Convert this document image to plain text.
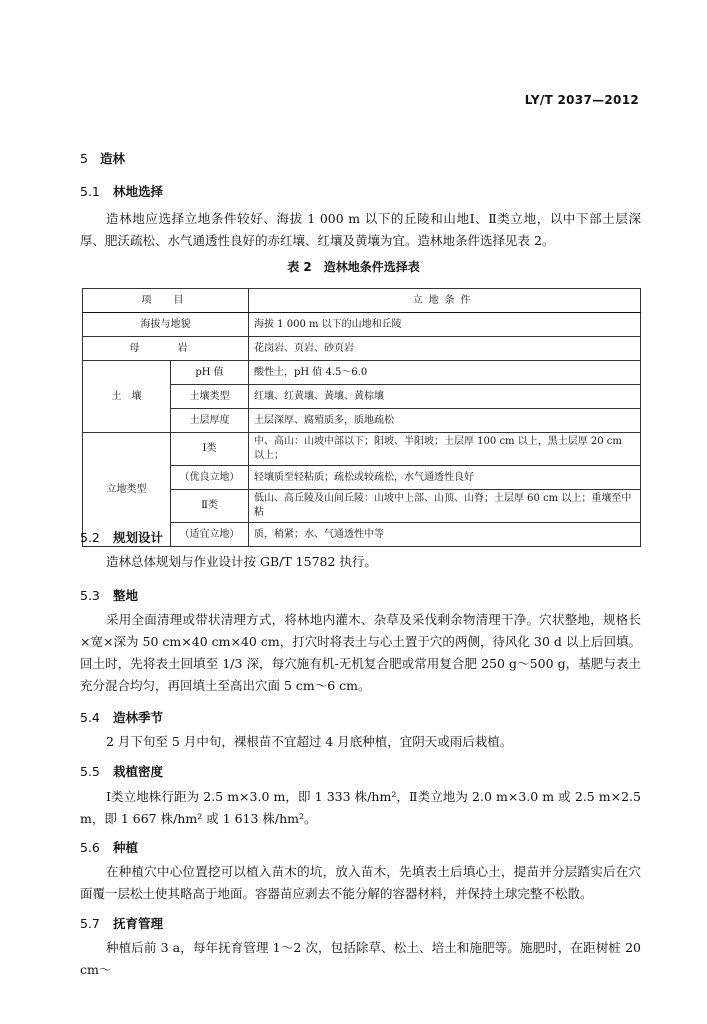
LY/T 2037—2012
5 造林
5.1 林地选择

造林地应选择立地条件较好、海拔 1 000 m 以下的丘陵和山地Ⅰ、Ⅱ类立地，以中下部土层深厚、肥沃疏松、水气通透性良好的赤红壤、红壤及黄壤为宜。造林地条件选择见表 2。

表 2 造林地条件选择表
项　目		立地条件
海拔与地貌		海拔 1 000 m 以下的山地和丘陵
母　岩		花岗岩、页岩、砂页岩
土　壤	pH 值	酸性土，pH 值 4.5～6.0
	土壤类型	红壤、红黄壤、黄壤、黄棕壤
	土层厚度	土层深厚、腐殖质多，质地疏松
立地类型	Ⅰ类	中、高山：山坡中部以下；阳坡、半阳坡；土层厚 100 cm 以上，黑土层厚 20 cm 以上；
	（优良立地）	轻壤质至轻粘质；疏松或较疏松，水气通透性良好
	Ⅱ类	低山、高丘陵及山间丘陵：山坡中上部、山顶、山脊；土层厚 60 cm 以上；重壤至中粘
	（适宜立地）	质，稍紧；水、气通透性中等
5.2 规划设计

造林总体规划与作业设计按 GB/T 15782 执行。

5.3 整地

采用全面清理或带状清理方式，将林地内灌木、杂草及采伐剩余物清理干净。穴状整地，规格长×宽×深为 50 cm×40 cm×40 cm，打穴时将表土与心土置于穴的两侧，待风化 30 d 以上后回填。回土时，先将表土回填至 1/3 深，每穴施有机-无机复合肥或常用复合肥 250 g～500 g，基肥与表土充分混合均匀，再回填土至高出穴面 5 cm～6 cm。

5.4 造林季节

2 月下旬至 5 月中旬，裸根苗不宜超过 4 月底种植，宜阴天或雨后栽植。

5.5 栽植密度

Ⅰ类立地株行距为 2.5 m×3.0 m，即 1 333 株/hm²，Ⅱ类立地为 2.0 m×3.0 m 或 2.5 m×2.5 m，即 1 667 株/hm² 或 1 613 株/hm²。

5.6 种植

在种植穴中心位置挖可以植入苗木的坑，放入苗木，先填表土后填心土，提苗并分层踏实后在穴面覆一层松土使其略高于地面。容器苗应剥去不能分解的容器材料，并保持土球完整不松散。

5.7 抚育管理

种植后前 3 a，每年抚育管理 1～2 次，包括除草、松土、培土和施肥等。施肥时，在距树桩 20 cm～
